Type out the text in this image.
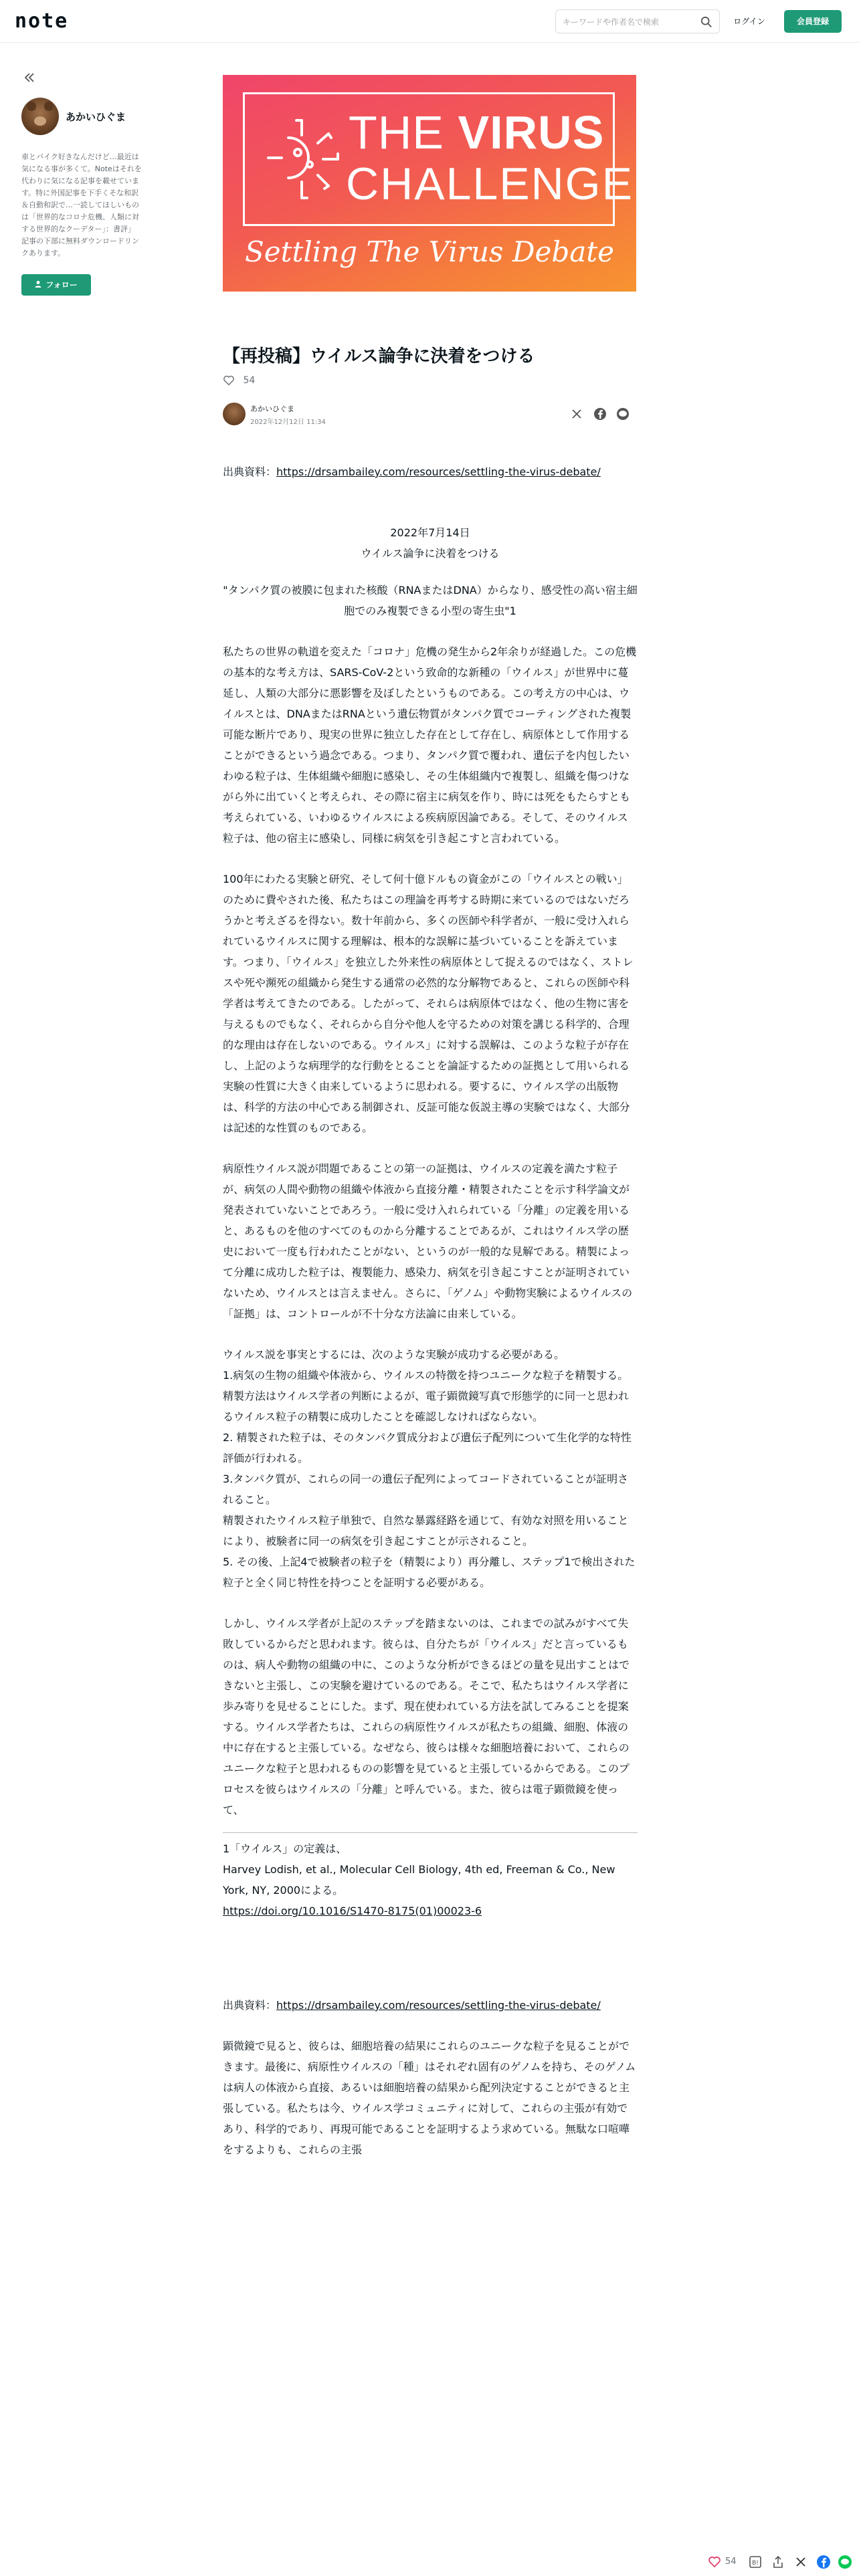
note
キーワードや作者名で検索	ログイン	会員登録
あかいひぐま
車とバイク好きなんだけど…最近は気になる事が多くて。Noteはそれを代わりに気になる記事を載せています。特に外国記事を下手くそな和訳＆自動和訳で…一読してほしいものは「世界的なコロナ危機、人類に対する世界的なクーデター」：書評」記事の下部に無料ダウンロードリンクあります。
フォロー
THE VIRUS
CHALLENGE
Settling The Virus Debate
【再投稿】ウイルス論争に決着をつける
54
あかいひぐま
2022年12月12日 11:34

出典資料：https://drsambailey.com/resources/settling-the-virus-debate/

2022年7月14日
ウイルス論争に決着をつける

"タンパク質の被膜に包まれた核酸（RNAまたはDNA）からなり、感受性の高い宿主細胞でのみ複製できる小型の寄生虫"1

私たちの世界の軌道を変えた「コロナ」危機の発生から2年余りが経過した。この危機の基本的な考え方は、SARS-CoV-2という致命的な新種の「ウイルス」が世界中に蔓延し、人類の大部分に悪影響を及ぼしたというものである。この考え方の中心は、ウイルスとは、DNAまたはRNAという遺伝物質がタンパク質でコーティングされた複製可能な断片であり、現実の世界に独立した存在として存在し、病原体として作用することができるという過念である。つまり、タンパク質で覆われ、遺伝子を内包したいわゆる粒子は、生体組織や細胞に感染し、その生体組織内で複製し、組織を傷つけながら外に出ていくと考えられ、その際に宿主に病気を作り、時には死をもたらすとも考えられている、いわゆるウイルスによる疾病原因論である。そして、そのウイルス粒子は、他の宿主に感染し、同様に病気を引き起こすと言われている。

100年にわたる実験と研究、そして何十億ドルもの資金がこの「ウイルスとの戦い」のために費やされた後、私たちはこの理論を再考する時期に来ているのではないだろうかと考えざるを得ない。数十年前から、多くの医師や科学者が、一般に受け入れられているウイルスに関する理解は、根本的な誤解に基づいていることを訴えています。つまり、「ウイルス」を独立した外来性の病原体として捉えるのではなく、ストレスや死や瀕死の組織から発生する通常の必然的な分解物であると、これらの医師や科学者は考えてきたのである。したがって、それらは病原体ではなく、他の生物に害を与えるものでもなく、それらから自分や他人を守るための対策を講じる科学的、合理的な理由は存在しないのである。ウイルス」に対する誤解は、このような粒子が存在し、上記のような病理学的な行動をとることを論証するための証拠として用いられる実験の性質に大きく由来しているように思われる。要するに、ウイルス学の出版物は、科学的方法の中心である制御され、反証可能な仮説主導の実験ではなく、大部分は記述的な性質のものである。

病原性ウイルス説が問題であることの第一の証拠は、ウイルスの定義を満たす粒子が、病気の人間や動物の組織や体液から直接分離・精製されたことを示す科学論文が発表されていないことであろう。一般に受け入れられている「分離」の定義を用いると、あるものを他のすべてのものから分離することであるが、これはウイルス学の歴史において一度も行われたことがない、というのが一般的な見解である。精製によって分離に成功した粒子は、複製能力、感染力、病気を引き起こすことが証明されていないため、ウイルスとは言えません。さらに、「ゲノム」や動物実験によるウイルスの「証拠」は、コントロールが不十分な方法論に由来している。

ウイルス説を事実とするには、次のような実験が成功する必要がある。
1.病気の生物の組織や体液から、ウイルスの特徴を持つユニークな粒子を精製する。精製方法はウイルス学者の判断によるが、電子顕微鏡写真で形態学的に同一と思われるウイルス粒子の精製に成功したことを確認しなければならない。
2. 精製された粒子は、そのタンパク質成分および遺伝子配列について生化学的な特性評価が行われる。
3.タンパク質が、これらの同一の遺伝子配列によってコードされていることが証明されること。
精製されたウイルス粒子単独で、自然な暴露経路を通じて、有効な対照を用いることにより、被験者に同一の病気を引き起こすことが示されること。
5. その後、上記4で被験者の粒子を（精製により）再分離し、ステップ1で検出された粒子と全く同じ特性を持つことを証明する必要がある。

しかし、ウイルス学者が上記のステップを踏まないのは、これまでの試みがすべて失敗しているからだと思われます。彼らは、自分たちが「ウイルス」だと言っているものは、病人や動物の組織の中に、このような分析ができるほどの量を見出すことはできないと主張し、この実験を避けているのである。そこで、私たちはウイルス学者に歩み寄りを見せることにした。まず、現在使われている方法を試してみることを提案する。ウイルス学者たちは、これらの病原性ウイルスが私たちの組織、細胞、体液の中に存在すると主張している。なぜなら、彼らは様々な細胞培養において、これらのユニークな粒子と思われるものの影響を見ていると主張しているからである。このプロセスを彼らはウイルスの「分離」と呼んでいる。また、彼らは電子顕微鏡を使って、

1「ウイルス」の定義は、
Harvey Lodish, et al., Molecular Cell Biology, 4th ed, Freeman & Co., New York, NY, 2000による。
https://doi.org/10.1016/S1470-8175(01)00023-6

出典資料：https://drsambailey.com/resources/settling-the-virus-debate/

顕微鏡で見ると、彼らは、細胞培養の結果にこれらのユニークな粒子を見ることができます。最後に、病原性ウイルスの「種」はそれぞれ固有のゲノムを持ち、そのゲノムは病人の体液から直接、あるいは細胞培養の結果から配列決定することができると主張している。私たちは今、ウイルス学コミュニティに対して、これらの主張が有効であり、科学的であり、再現可能であることを証明するよう求めている。無駄な口喧嘩をするよりも、これらの主張

54	B!
